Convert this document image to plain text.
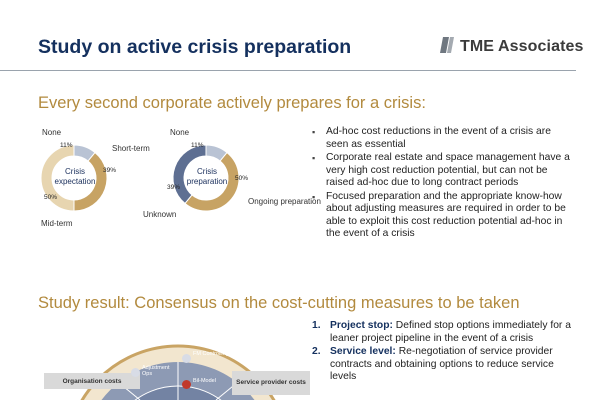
Study on active crisis preparation	TME Associates
Every second corporate actively prepares for a crisis:
Crisis
expectation
11%
39%
50%
None
Short-term
Mid-term
Crisis
preparation
11%
50%
39%
None
Ongoing preparation
Unknown
▪ Ad-hoc cost reductions in the event of a crisis are seen as essential
▪ Corporate real estate and space management have a very high cost reduction potential, but can not be raised ad-hoc due to long contract periods
▪ Focused preparation and the appropriate know-how about adjusting measures are required in order to be able to exploit this cost reduction potential ad-hoc in the event of a crisis
Study result: Consensus on the cost-cutting measures to be taken
Organisation costs	Service provider costs
Adjustment Ops
FM Controlling
Bil-Model
1. Project stop: Defined stop options immediately for a leaner project pipeline in the event of a crisis
2. Service level: Re-negotiation of service provider contracts and obtaining options to reduce service levels
